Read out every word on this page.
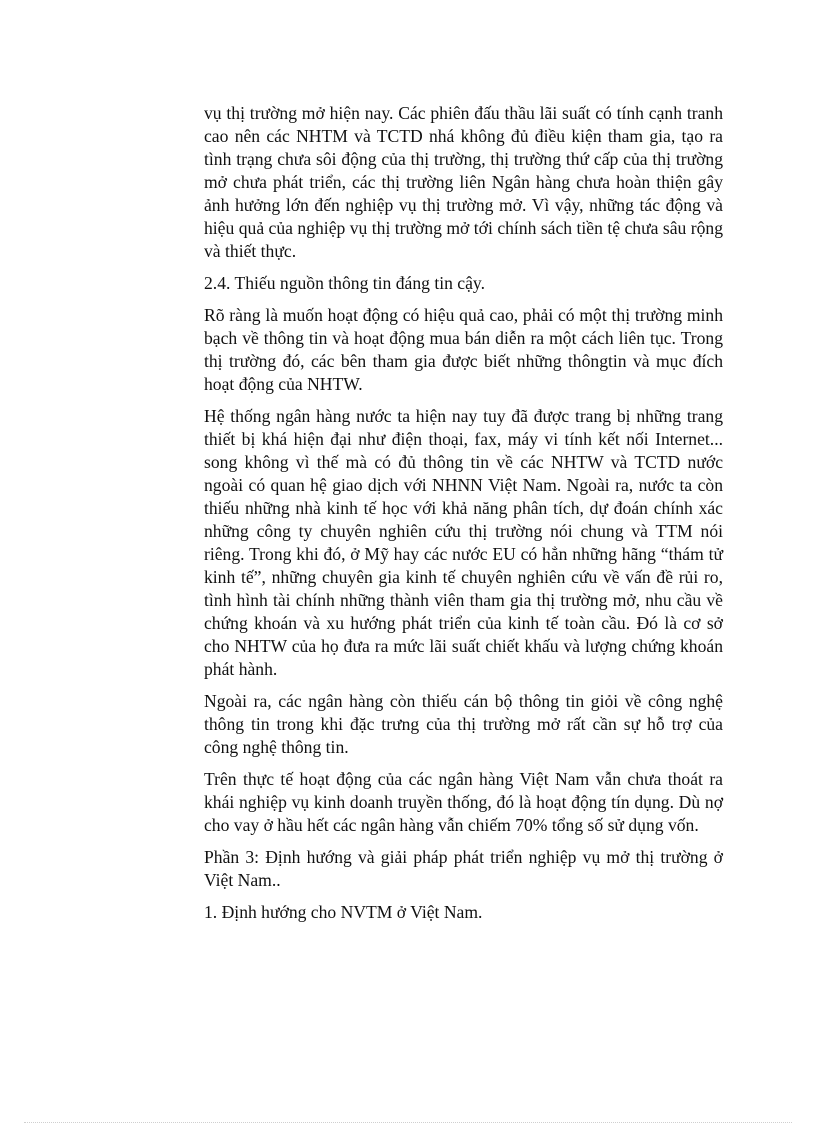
vụ thị trường mở hiện nay. Các phiên đấu thầu lãi suất có tính cạnh tranh cao nên các NHTM và TCTD nhá không đủ điều kiện tham gia, tạo ra tình trạng chưa sôi động của thị trường, thị trường thứ cấp của thị trường mở chưa phát triển, các thị trường liên Ngân hàng chưa hoàn thiện gây ảnh hưởng lớn đến nghiệp vụ thị trường mở. Vì vậy, những tác động và hiệu quả của nghiệp vụ thị trường mở tới chính sách tiền tệ chưa sâu rộng và thiết thực.

2.4. Thiếu nguồn thông tin đáng tin cậy.

Rõ ràng là muốn hoạt động có hiệu quả cao, phải có một thị trường minh bạch về thông tin và hoạt động mua bán diễn ra một cách liên tục. Trong thị trường đó, các bên tham gia được biết những thôngtin và mục đích hoạt động của NHTW.

Hệ thống ngân hàng nước ta hiện nay tuy đã được trang bị những trang thiết bị khá hiện đại như điện thoại, fax, máy vi tính kết nối Internet... song không vì thế mà có đủ thông tin về các NHTW và TCTD nước ngoài có quan hệ giao dịch với NHNN Việt Nam. Ngoài ra, nước ta còn thiếu những nhà kinh tế học với khả năng phân tích, dự đoán chính xác những công ty chuyên nghiên cứu thị trường nói chung và TTM nói riêng. Trong khi đó, ở Mỹ hay các nước EU có hẳn những hãng “thám tử kinh tế”, những chuyên gia kinh tế chuyên nghiên cứu về vấn đề rủi ro, tình hình tài chính những thành viên tham gia thị trường mở, nhu cầu về chứng khoán và xu hướng phát triển của kinh tế toàn cầu. Đó là cơ sở cho NHTW của họ đưa ra mức lãi suất chiết khấu và lượng chứng khoán phát hành.

Ngoài ra, các ngân hàng còn thiếu cán bộ thông tin giỏi về công nghệ thông tin trong khi đặc trưng của thị trường mở rất cần sự hỗ trợ của công nghệ thông tin.

Trên thực tế hoạt động của các ngân hàng Việt Nam vẫn chưa thoát ra khái nghiệp vụ kinh doanh truyền thống, đó là hoạt động tín dụng. Dù nợ cho vay ở hầu hết các ngân hàng vẫn chiếm 70% tổng số sử dụng vốn.

Phần 3: Định hướng và giải pháp phát triển nghiệp vụ mở thị trường ở Việt Nam..

1. Định hướng cho NVTM ở Việt Nam.
